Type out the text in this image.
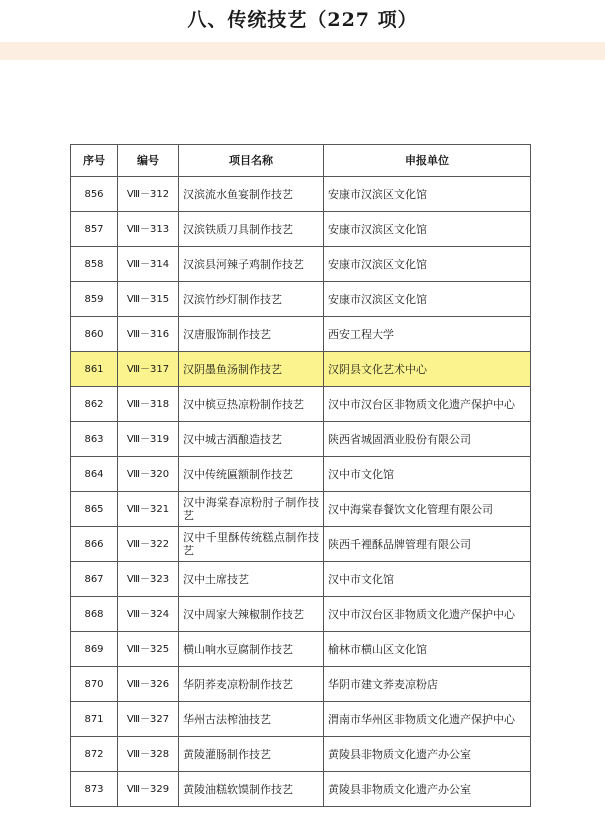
八、传统技艺（227 项）
序号	编号	项目名称	申报单位
856	Ⅷ－312	汉滨流水鱼宴制作技艺	安康市汉滨区文化馆
857	Ⅷ－313	汉滨铁质刀具制作技艺	安康市汉滨区文化馆
858	Ⅷ－314	汉滨县河辣子鸡制作技艺	安康市汉滨区文化馆
859	Ⅷ－315	汉滨竹纱灯制作技艺	安康市汉滨区文化馆
860	Ⅷ－316	汉唐服饰制作技艺	西安工程大学
861	Ⅷ－317	汉阴墨鱼汤制作技艺	汉阴县文化艺术中心
862	Ⅷ－318	汉中槟豆热凉粉制作技艺	汉中市汉台区非物质文化遗产保护中心
863	Ⅷ－319	汉中城古酒酿造技艺	陕西省城固酒业股份有限公司
864	Ⅷ－320	汉中传统匾额制作技艺	汉中市文化馆
865	Ⅷ－321	汉中海棠春凉粉肘子制作技艺	汉中海棠春餐饮文化管理有限公司
866	Ⅷ－322	汉中千里酥传统糕点制作技艺	陕西千裡酥品牌管理有限公司
867	Ⅷ－323	汉中土席技艺	汉中市文化馆
868	Ⅷ－324	汉中周家大辣椒制作技艺	汉中市汉台区非物质文化遗产保护中心
869	Ⅷ－325	横山响水豆腐制作技艺	榆林市横山区文化馆
870	Ⅷ－326	华阴荞麦凉粉制作技艺	华阴市建文荞麦凉粉店
871	Ⅷ－327	华州古法榨油技艺	渭南市华州区非物质文化遗产保护中心
872	Ⅷ－328	黄陵灌肠制作技艺	黄陵县非物质文化遗产办公室
873	Ⅷ－329	黄陵油糕软馍制作技艺	黄陵县非物质文化遗产办公室
